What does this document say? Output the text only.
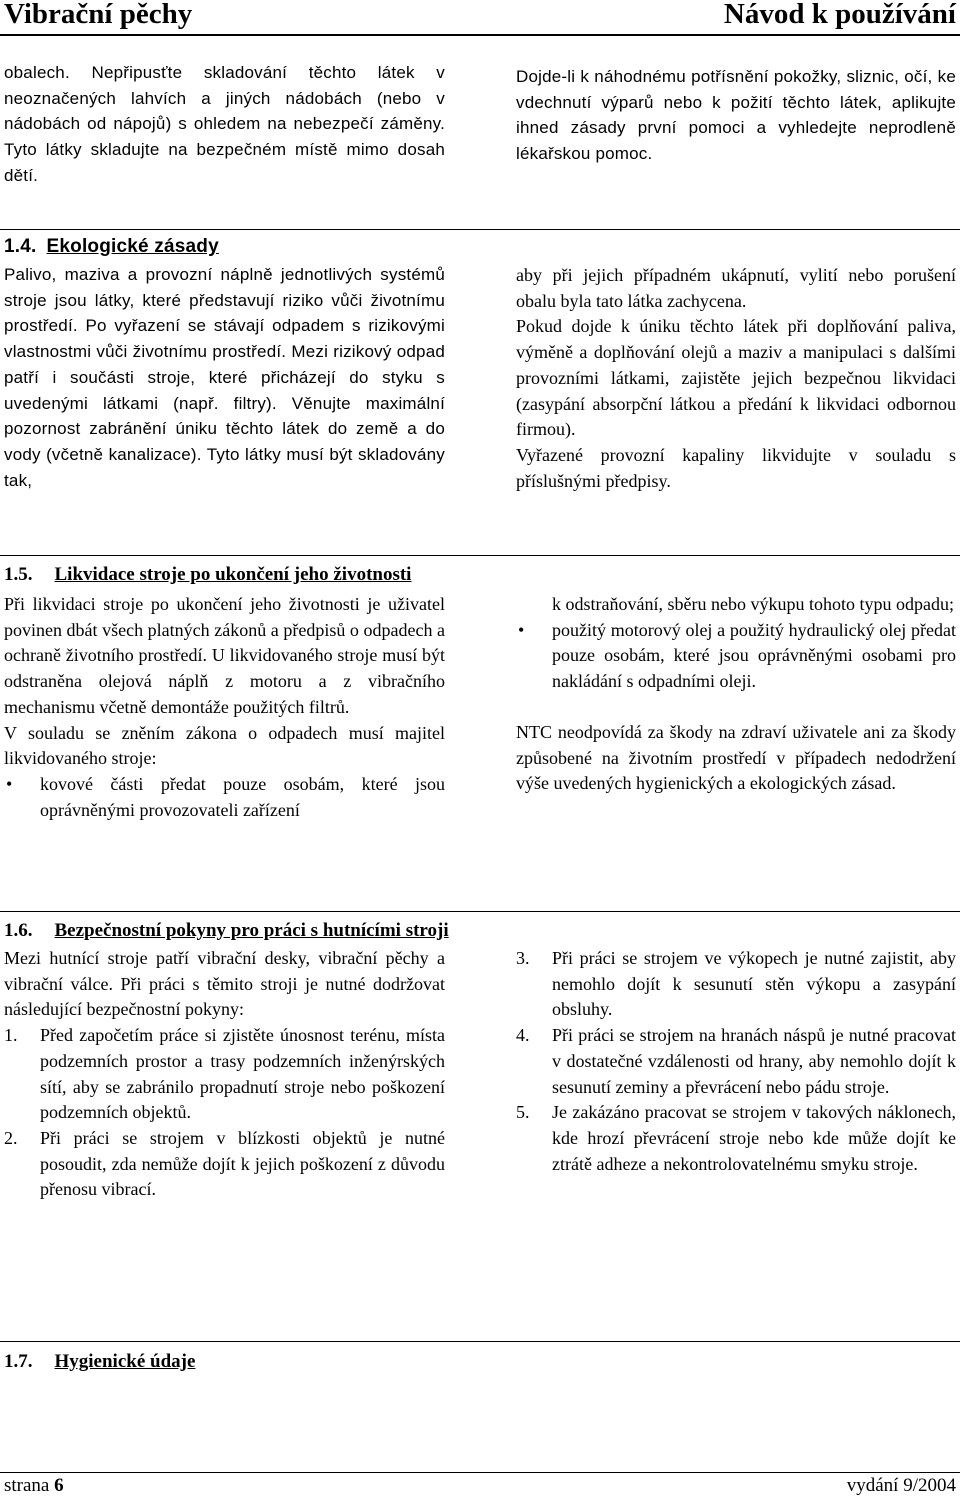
Vibrační pěchy	Návod k používání
obalech. Nepřipusťte skladování těchto látek v neoznačených lahvích a jiných nádobách (nebo v nádobách od nápojů) s ohledem na nebezpečí záměny. Tyto látky skladujte na bezpečném místě mimo dosah dětí.
Dojde-li k náhodnému potřísnění pokožky, sliznic, očí, ke vdechnutí výparů nebo k požití těchto látek, aplikujte ihned zásady první pomoci a vyhledejte neprodleně lékařskou pomoc.
1.4. Ekologické zásady
Palivo, maziva a provozní náplně jednotlivých systémů stroje jsou látky, které představují riziko vůči životnímu prostředí. Po vyřazení se stávají odpadem s rizikovými vlastnostmi vůči životnímu prostředí. Mezi rizikový odpad patří i součásti stroje, které přicházejí do styku s uvedenými látkami (např. filtry). Věnujte maximální pozornost zabránění úniku těchto látek do země a do vody (včetně kanalizace). Tyto látky musí být skladovány tak,

aby při jejich případném ukápnutí, vylití nebo porušení obalu byla tato látka zachycena.

Pokud dojde k úniku těchto látek při doplňování paliva, výměně a doplňování olejů a maziv a manipulaci s dalšími provozními látkami, zajistěte jejich bezpečnou likvidaci (zasypání absorpční látkou a předání k likvidaci odbornou firmou).

Vyřazené provozní kapaliny likvidujte v souladu s příslušnými předpisy.

1.5. Likvidace stroje po ukončení jeho životnosti

Při likvidaci stroje po ukončení jeho životnosti je uživatel povinen dbát všech platných zákonů a předpisů o odpadech a ochraně životního prostředí. U likvidovaného stroje musí být odstraněna olejová náplň z motoru a z vibračního mechanismu včetně demontáže použitých filtrů.

V souladu se zněním zákona o odpadech musí majitel likvidovaného stroje:

• kovové části předat pouze osobám, které jsou oprávněnými provozovateli zařízení
k odstraňování, sběru nebo výkupu tohoto typu odpadu;
• použitý motorový olej a použitý hydraulický olej předat pouze osobám, které jsou oprávněnými osobami pro nakládání s odpadními oleji.

NTC neodpovídá za škody na zdraví uživatele ani za škody způsobené na životním prostředí v případech nedodržení výše uvedených hygienických a ekologických zásad.

1.6. Bezpečnostní pokyny pro práci s hutnícími stroji

Mezi hutnící stroje patří vibrační desky, vibrační pěchy a vibrační válce. Při práci s těmito stroji je nutné dodržovat následující bezpečnostní pokyny:

1. Před započetím práce si zjistěte únosnost terénu, místa podzemních prostor a trasy podzemních inženýrských sítí, aby se zabránilo propadnutí stroje nebo poškození podzemních objektů.
2. Při práci se strojem v blízkosti objektů je nutné posoudit, zda nemůže dojít k jejich poškození z důvodu přenosu vibrací.
3. Při práci se strojem ve výkopech je nutné zajistit, aby nemohlo dojít k sesunutí stěn výkopu a zasypání obsluhy.
4. Při práci se strojem na hranách náspů je nutné pracovat v dostatečné vzdálenosti od hrany, aby nemohlo dojít k sesunutí zeminy a převrácení nebo pádu stroje.
5. Je zakázáno pracovat se strojem v takových náklonech, kde hrozí převrácení stroje nebo kde může dojít ke ztrátě adheze a nekontrolovatelnému smyku stroje.
1.7. Hygienické údaje
strana 6	vydání 9/2004
